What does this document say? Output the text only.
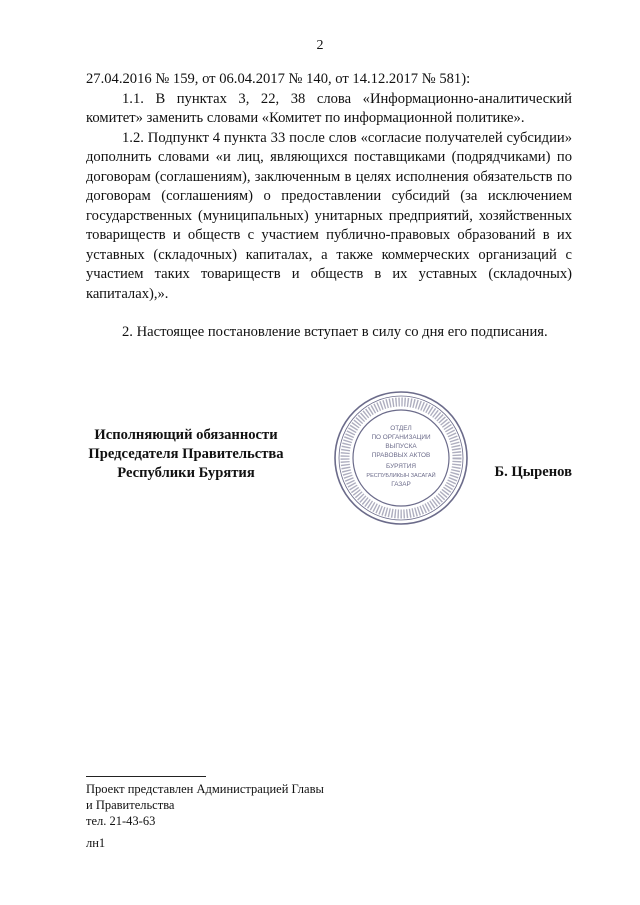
2

27.04.2016 № 159, от 06.04.2017 № 140, от 14.12.2017 № 581):

1.1. В пунктах 3, 22, 38 слова «Информационно-аналитический комитет» заменить словами «Комитет по информационной политике».

1.2. Подпункт 4 пункта 33 после слов «согласие получателей субсидии» дополнить словами «и лиц, являющихся поставщиками (подрядчиками) по договорам (соглашениям), заключенным в целях исполнения обязательств по договорам (соглашениям) о предоставлении субсидий (за исключением государственных (муниципальных) унитарных предприятий, хозяйственных товариществ и обществ с участием публично-правовых образований в их уставных (складочных) капиталах, а также коммерческих организаций с участием таких товариществ и обществ в их уставных (складочных) капиталах),».

2. Настоящее постановление вступает в силу со дня его подписания.

Исполняющий обязанности
Председателя Правительства
Республики Бурятия
ОТДЕЛ
ПО ОРГАНИЗАЦИИ
ВЫПУСКА
ПРАВОВЫХ АКТОВ
БУРЯТИЯ
РЕСПУБЛИКЫН ЗАСАГАЙ
ГАЗАР
Б. Цыренов
Проект представлен Администрацией Главы
и Правительства
тел. 21-43-63
лн1
